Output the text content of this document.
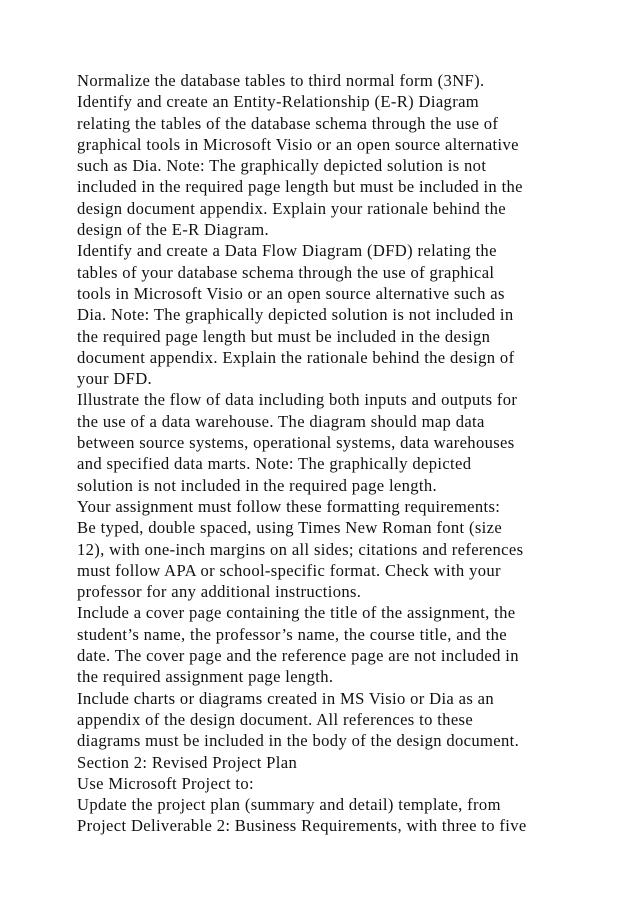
Normalize the database tables to third normal form (3NF).
Identify and create an Entity-Relationship (E-R) Diagram
relating the tables of the database schema through the use of
graphical tools in Microsoft Visio or an open source alternative
such as Dia. Note: The graphically depicted solution is not
included in the required page length but must be included in the
design document appendix. Explain your rationale behind the
design of the E-R Diagram.
Identify and create a Data Flow Diagram (DFD) relating the
tables of your database schema through the use of graphical
tools in Microsoft Visio or an open source alternative such as
Dia. Note: The graphically depicted solution is not included in
the required page length but must be included in the design
document appendix. Explain the rationale behind the design of
your DFD.
Illustrate the flow of data including both inputs and outputs for
the use of a data warehouse. The diagram should map data
between source systems, operational systems, data warehouses
and specified data marts. Note: The graphically depicted
solution is not included in the required page length.
Your assignment must follow these formatting requirements:
Be typed, double spaced, using Times New Roman font (size
12), with one-inch margins on all sides; citations and references
must follow APA or school-specific format. Check with your
professor for any additional instructions.
Include a cover page containing the title of the assignment, the
student’s name, the professor’s name, the course title, and the
date. The cover page and the reference page are not included in
the required assignment page length.
Include charts or diagrams created in MS Visio or Dia as an
appendix of the design document. All references to these
diagrams must be included in the body of the design document.
Section 2: Revised Project Plan
Use Microsoft Project to:
Update the project plan (summary and detail) template, from
Project Deliverable 2: Business Requirements, with three to five
